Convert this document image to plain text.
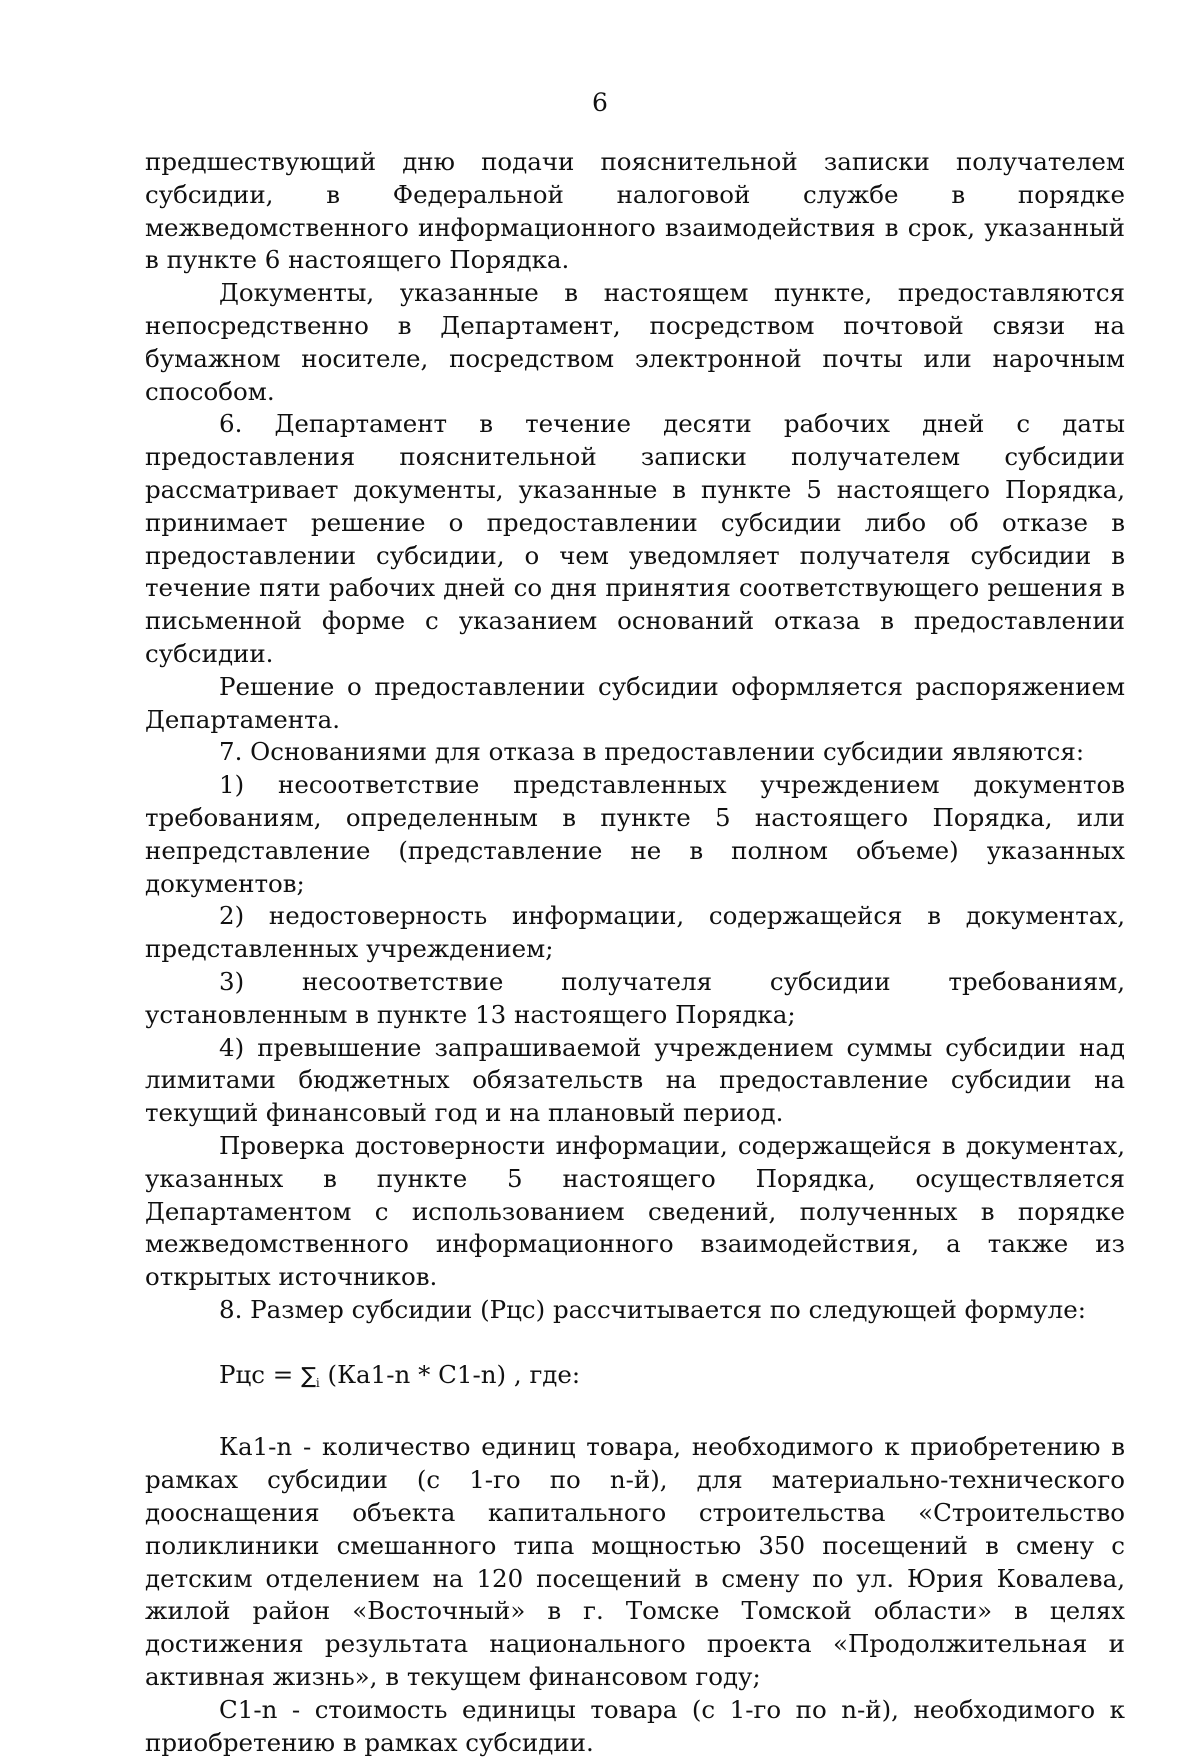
6

предшествующий дню подачи пояснительной записки получателем субсидии, в Федеральной налоговой службе в порядке межведомственного информационного взаимодействия в срок, указанный в пункте 6 настоящего Порядка.

Документы, указанные в настоящем пункте, предоставляются непосредственно в Департамент, посредством почтовой связи на бумажном носителе, посредством электронной почты или нарочным способом.

6. Департамент в течение десяти рабочих дней с даты предоставления пояснительной записки получателем субсидии рассматривает документы, указанные в пункте 5 настоящего Порядка, принимает решение о предоставлении субсидии либо об отказе в предоставлении субсидии, о чем уведомляет получателя субсидии в течение пяти рабочих дней со дня принятия соответствующего решения в письменной форме с указанием оснований отказа в предоставлении субсидии.

Решение о предоставлении субсидии оформляется распоряжением Департамента.

7. Основаниями для отказа в предоставлении субсидии являются:

1) несоответствие представленных учреждением документов требованиям, определенным в пункте 5 настоящего Порядка, или непредставление (представление не в полном объеме) указанных документов;

2) недостоверность информации, содержащейся в документах, представленных учреждением;

3) несоответствие получателя субсидии требованиям, установленным в пункте 13 настоящего Порядка;

4) превышение запрашиваемой учреждением суммы субсидии над лимитами бюджетных обязательств на предоставление субсидии на текущий финансовый год и на плановый период.

Проверка достоверности информации, содержащейся в документах, указанных в пункте 5 настоящего Порядка, осуществляется Департаментом с использованием сведений, полученных в порядке межведомственного информационного взаимодействия, а также из открытых источников.

8. Размер субсидии (Рцс) рассчитывается по следующей формуле:

Рцс = ∑i (Ка1-n * С1-n) , где:

Ка1-n - количество единиц товара, необходимого к приобретению в рамках субсидии (с 1-го по n-й), для материально-технического дооснащения объекта капитального строительства «Строительство поликлиники смешанного типа мощностью 350 посещений в смену с детским отделением на 120 посещений в смену по ул. Юрия Ковалева, жилой район «Восточный» в г. Томске Томской области» в целях достижения результата национального проекта «Продолжительная и активная жизнь», в текущем финансовом году;

С1-n - стоимость единицы товара (с 1-го по n-й), необходимого к приобретению в рамках субсидии.
